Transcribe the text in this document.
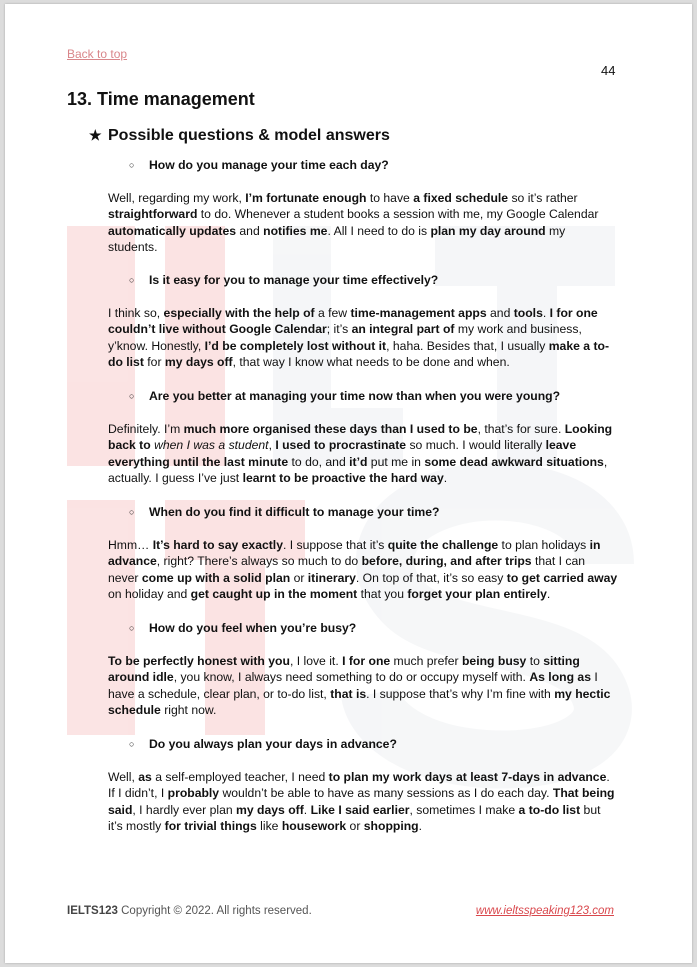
Back to top
44
13. Time management
★ Possible questions & model answers
○ How do you manage your time each day?

Well, regarding my work, I’m fortunate enough to have a fixed schedule so it’s rather straightforward to do. Whenever a student books a session with me, my Google Calendar automatically updates and notifies me. All I need to do is plan my day around my students.

○ Is it easy for you to manage your time effectively?

I think so, especially with the help of a few time-management apps and tools. I for one couldn’t live without Google Calendar; it’s an integral part of my work and business, y’know. Honestly, I’d be completely lost without it, haha. Besides that, I usually make a to-do list for my days off, that way I know what needs to be done and when.

○ Are you better at managing your time now than when you were young?

Definitely. I’m much more organised these days than I used to be, that’s for sure. Looking back to when I was a student, I used to procrastinate so much. I would literally leave everything until the last minute to do, and it’d put me in some dead awkward situations, actually. I guess I’ve just learnt to be proactive the hard way.

○ When do you find it difficult to manage your time?

Hmm… It’s hard to say exactly. I suppose that it’s quite the challenge to plan holidays in advance, right? There’s always so much to do before, during, and after trips that I can never come up with a solid plan or itinerary. On top of that, it’s so easy to get carried away on holiday and get caught up in the moment that you forget your plan entirely.

○ How do you feel when you’re busy?

To be perfectly honest with you, I love it. I for one much prefer being busy to sitting around idle, you know, I always need something to do or occupy myself with. As long as I have a schedule, clear plan, or to-do list, that is. I suppose that’s why I’m fine with my hectic schedule right now.

○ Do you always plan your days in advance?

Well, as a self-employed teacher, I need to plan my work days at least 7-days in advance. If I didn’t, I probably wouldn’t be able to have as many sessions as I do each day. That being said, I hardly ever plan my days off. Like I said earlier, sometimes I make a to-do list but it’s mostly for trivial things like housework or shopping.

IELTS123 Copyright © 2022. All rights reserved.	www.ieltsspeaking123.com
